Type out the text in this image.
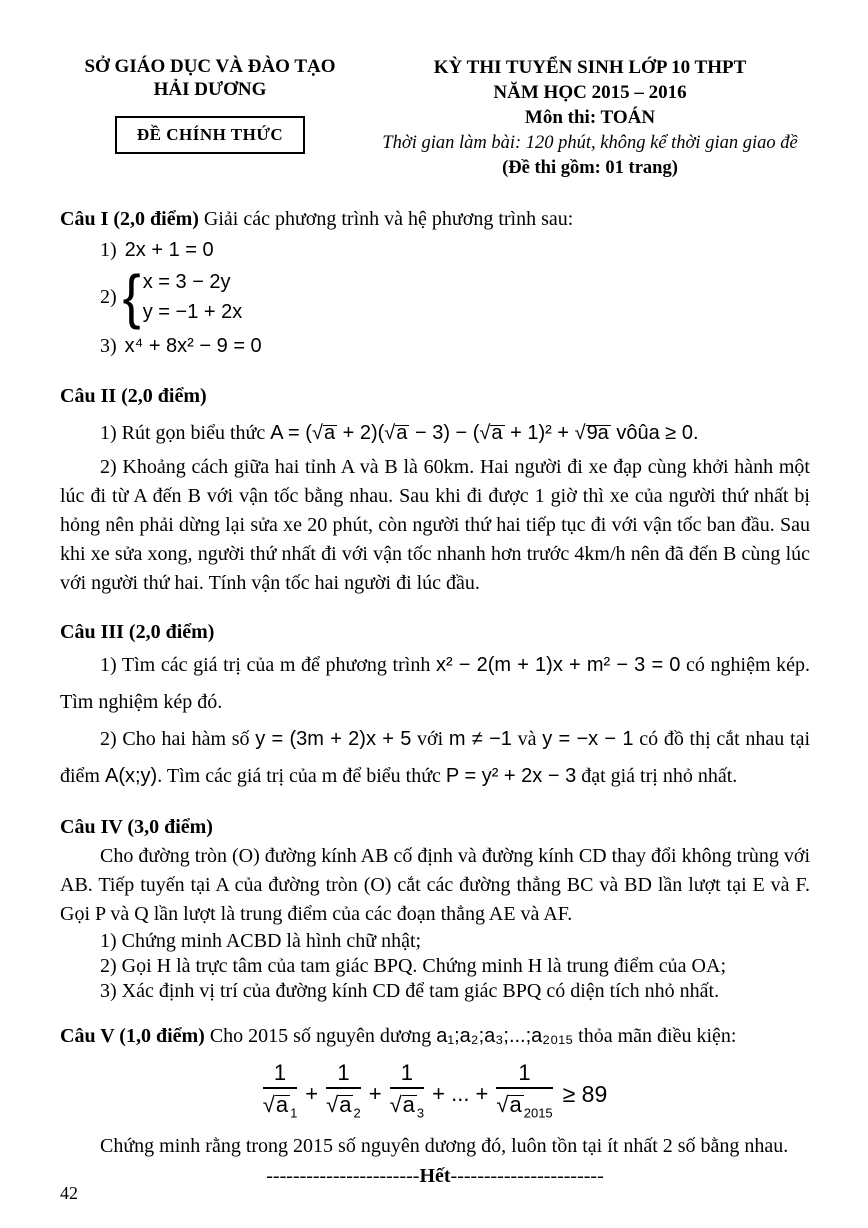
SỞ GIÁO DỤC VÀ ĐÀO TẠO
HẢI DƯƠNG
ĐỀ CHÍNH THỨC
KỲ THI TUYỂN SINH LỚP 10 THPT
NĂM HỌC 2015 – 2016
Môn thi: TOÁN
Thời gian làm bài: 120 phút, không kể thời gian giao đề
(Đề thi gồm: 01 trang)

Câu I (2,0 điểm) Giải các phương trình và hệ phương trình sau:

1) 2x + 1 = 0
2) { x = 3 − 2y
y = −1 + 2x
3) x⁴ + 8x² − 9 = 0

Câu II (2,0 điểm)

1) Rút gọn biểu thức A = (√a + 2)(√a − 3) − (√a + 1)² + √9a vôûa ≥ 0.

2) Khoảng cách giữa hai tỉnh A và B là 60km. Hai người đi xe đạp cùng khởi hành một lúc đi từ A đến B với vận tốc bằng nhau. Sau khi đi được 1 giờ thì xe của người thứ nhất bị hỏng nên phải dừng lại sửa xe 20 phút, còn người thứ hai tiếp tục đi với vận tốc ban đầu. Sau khi xe sửa xong, người thứ nhất đi với vận tốc nhanh hơn trước 4km/h nên đã đến B cùng lúc với người thứ hai. Tính vận tốc hai người đi lúc đầu.

Câu III (2,0 điểm)

1) Tìm các giá trị của m để phương trình x² − 2(m + 1)x + m² − 3 = 0 có nghiệm kép. Tìm nghiệm kép đó.

2) Cho hai hàm số y = (3m + 2)x + 5 với m ≠ −1 và y = −x − 1 có đồ thị cắt nhau tại điểm A(x;y). Tìm các giá trị của m để biểu thức P = y² + 2x − 3 đạt giá trị nhỏ nhất.

Câu IV (3,0 điểm)

Cho đường tròn (O) đường kính AB cố định và đường kính CD thay đổi không trùng với AB. Tiếp tuyến tại A của đường tròn (O) cắt các đường thẳng BC và BD lần lượt tại E và F. Gọi P và Q lần lượt là trung điểm của các đoạn thẳng AE và AF.

1) Chứng minh ACBD là hình chữ nhật;

2) Gọi H là trực tâm của tam giác BPQ. Chứng minh H là trung điểm của OA;

3) Xác định vị trí của đường kính CD để tam giác BPQ có diện tích nhỏ nhất.

Câu V (1,0 điểm) Cho 2015 số nguyên dương a₁;a₂;a₃;...;a₂₀₁₅ thỏa mãn điều kiện:

$\frac{1}{√a _1} + \frac{1}{√a _2} + \frac{1}{√a _3}$ + ... + $\frac{1}{√a _{2015}} \ge 89$

Chứng minh rằng trong 2015 số nguyên dương đó, luôn tồn tại ít nhất 2 số bằng nhau.

-----------------------Hết-----------------------
42
